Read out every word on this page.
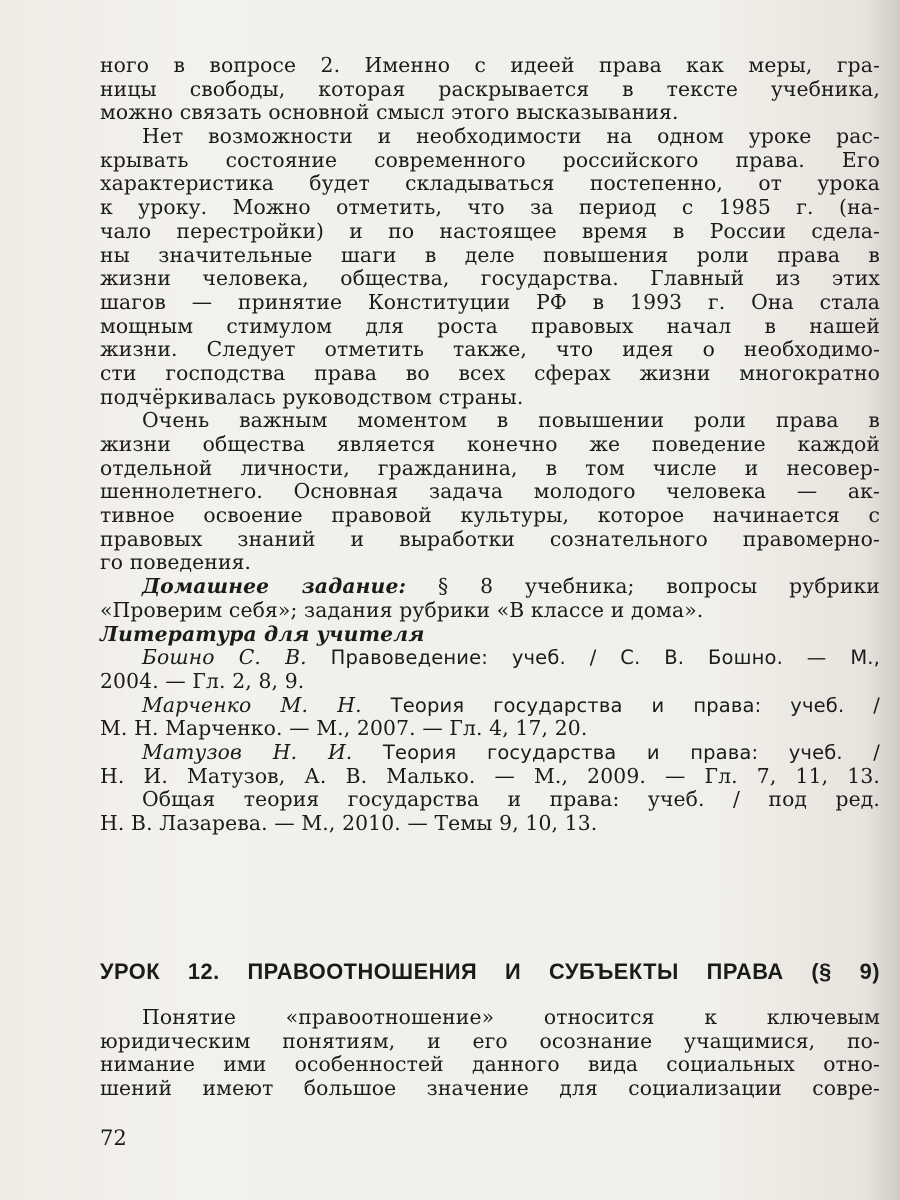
ного в вопросе 2. Именно с идеей права как меры, гра-
ницы свободы, которая раскрывается в тексте учебника,
можно связать основной смысл этого высказывания.
Нет возможности и необходимости на одном уроке рас-
крывать состояние современного российского права. Его
характеристика будет складываться постепенно, от урока
к уроку. Можно отметить, что за период с 1985 г. (на-
чало перестройки) и по настоящее время в России сдела-
ны значительные шаги в деле повышения роли права в
жизни человека, общества, государства. Главный из этих
шагов — принятие Конституции РФ в 1993 г. Она стала
мощным стимулом для роста правовых начал в нашей
жизни. Следует отметить также, что идея о необходимо-
сти господства права во всех сферах жизни многократно
подчёркивалась руководством страны.
Очень важным моментом в повышении роли права в
жизни общества является конечно же поведение каждой
отдельной личности, гражданина, в том числе и несовер-
шеннолетнего. Основная задача молодого человека — ак-
тивное освоение правовой культуры, которое начинается с
правовых знаний и выработки сознательного правомерно-
го поведения.
Домашнее задание: § 8 учебника; вопросы рубрики
«Проверим себя»; задания рубрики «В классе и дома».
Литература для учителя
Бошно С. В. Правоведение: учеб. / С. В. Бошно. — М.,
2004. — Гл. 2, 8, 9.
Марченко М. Н. Теория государства и права: учеб. /
М. Н. Марченко. — М., 2007. — Гл. 4, 17, 20.
Матузов Н. И. Теория государства и права: учеб. /
Н. И. Матузов, А. В. Малько. — М., 2009. — Гл. 7, 11, 13.
Общая теория государства и права: учеб. / под ред.
Н. В. Лазарева. — М., 2010. — Темы 9, 10, 13.
УРОК 12. ПРАВООТНОШЕНИЯ И СУБЪЕКТЫ ПРАВА (§ 9)
Понятие «правоотношение» относится к ключевым
юридическим понятиям, и его осознание учащимися, по-
нимание ими особенностей данного вида социальных отно-
шений имеют большое значение для социализации совре-
72
